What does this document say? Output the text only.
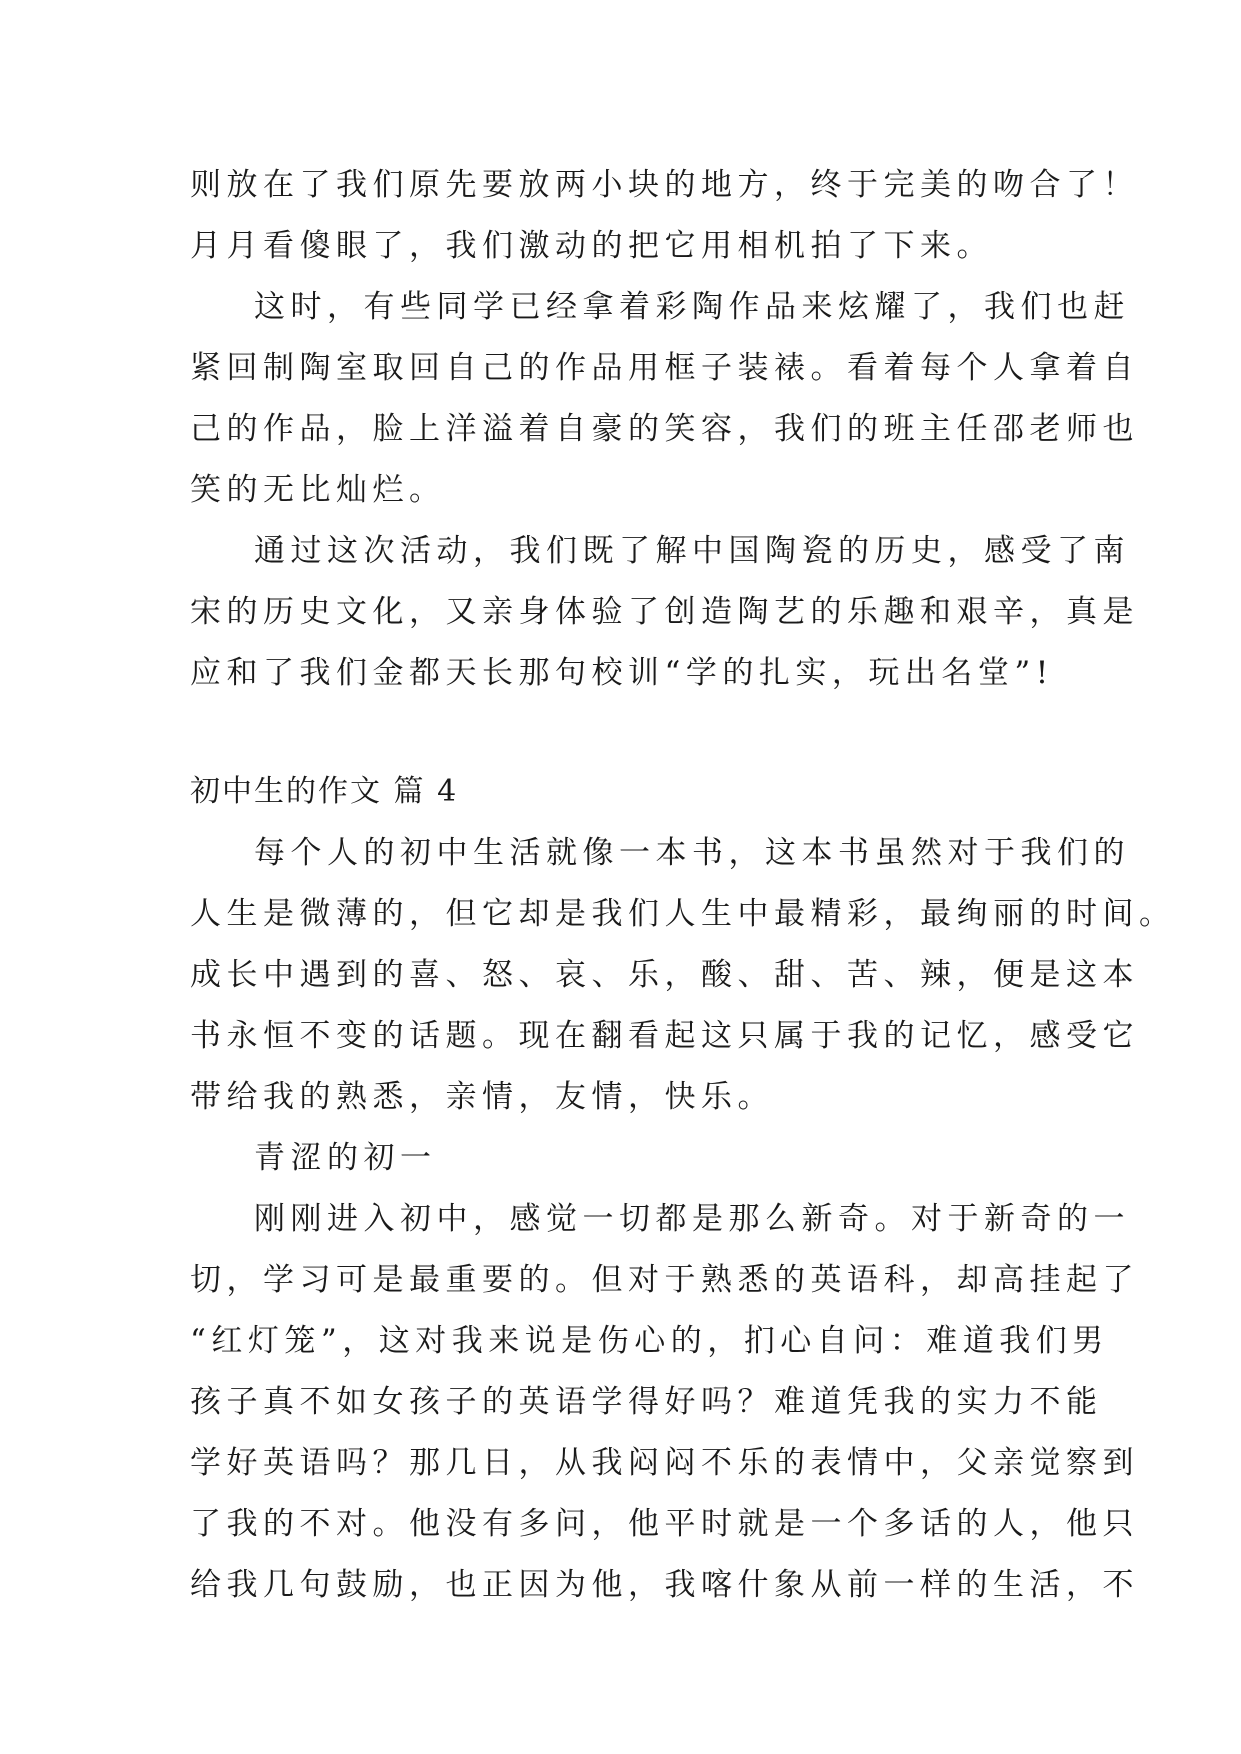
则放在了我们原先要放两小块的地方，终于完美的吻合了！

月月看傻眼了，我们激动的把它用相机拍了下来。

这时，有些同学已经拿着彩陶作品来炫耀了，我们也赶

紧回制陶室取回自己的作品用框子装裱。看着每个人拿着自

己的作品，脸上洋溢着自豪的笑容，我们的班主任邵老师也

笑的无比灿烂。

通过这次活动，我们既了解中国陶瓷的历史，感受了南

宋的历史文化，又亲身体验了创造陶艺的乐趣和艰辛，真是

应和了我们金都天长那句校训“学的扎实，玩出名堂”!

初中生的作文 篇 4

每个人的初中生活就像一本书，这本书虽然对于我们的

人生是微薄的，但它却是我们人生中最精彩，最绚丽的时间。

成长中遇到的喜、怒、哀、乐，酸、甜、苦、辣，便是这本

书永恒不变的话题。现在翻看起这只属于我的记忆，感受它

带给我的熟悉，亲情，友情，快乐。

青涩的初一

刚刚进入初中，感觉一切都是那么新奇。对于新奇的一

切，学习可是最重要的。但对于熟悉的英语科，却高挂起了

“红灯笼”，这对我来说是伤心的，扪心自问：难道我们男

孩子真不如女孩子的英语学得好吗？难道凭我的实力不能

学好英语吗？那几日，从我闷闷不乐的表情中，父亲觉察到

了我的不对。他没有多问，他平时就是一个多话的人，他只

给我几句鼓励，也正因为他，我喀什象从前一样的生活，不
